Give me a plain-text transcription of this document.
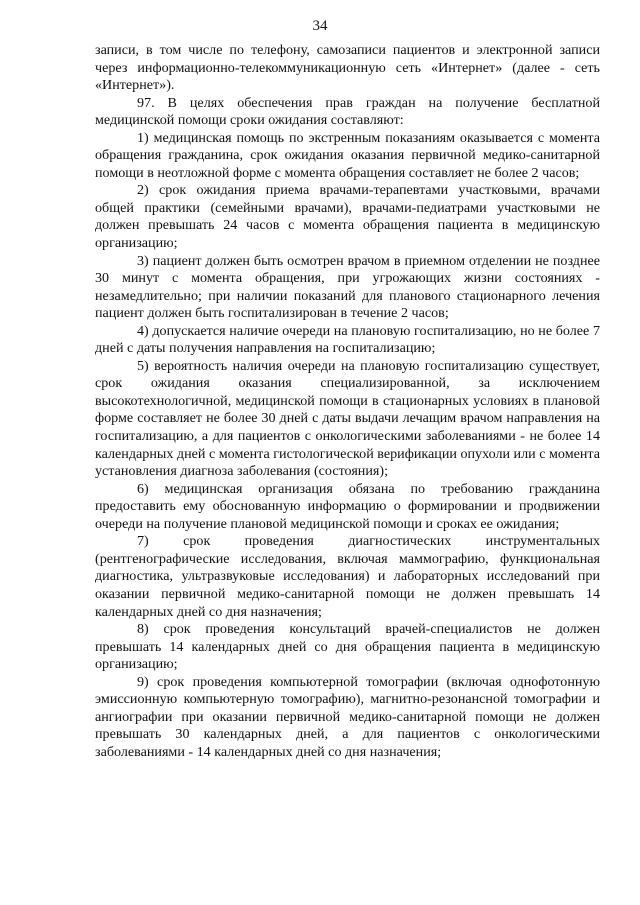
34

записи, в том числе по телефону, самозаписи пациентов и электронной записи через информационно-телекоммуникационную сеть «Интернет» (далее - сеть «Интернет»).

97. В целях обеспечения прав граждан на получение бесплатной медицинской помощи сроки ожидания составляют:

1) медицинская помощь по экстренным показаниям оказывается с момента обращения гражданина, срок ожидания оказания первичной медико-санитарной помощи в неотложной форме с момента обращения составляет не более 2 часов;

2) срок ожидания приема врачами-терапевтами участковыми, врачами общей практики (семейными врачами), врачами-педиатрами участковыми не должен превышать 24 часов с момента обращения пациента в медицинскую организацию;

3) пациент должен быть осмотрен врачом в приемном отделении не позднее 30 минут с момента обращения, при угрожающих жизни состояниях - незамедлительно; при наличии показаний для планового стационарного лечения пациент должен быть госпитализирован в течение 2 часов;

4) допускается наличие очереди на плановую госпитализацию, но не более 7 дней с даты получения направления на госпитализацию;

5) вероятность наличия очереди на плановую госпитализацию существует, срок ожидания оказания специализированной, за исключением высокотехнологичной, медицинской помощи в стационарных условиях в плановой форме составляет не более 30 дней с даты выдачи лечащим врачом направления на госпитализацию, а для пациентов с онкологическими заболеваниями - не более 14 календарных дней с момента гистологической верификации опухоли или с момента установления диагноза заболевания (состояния);

6) медицинская организация обязана по требованию гражданина предоставить ему обоснованную информацию о формировании и продвижении очереди на получение плановой медицинской помощи и сроках ее ожидания;

7) срок проведения диагностических инструментальных (рентгенографические исследования, включая маммографию, функциональная диагностика, ультразвуковые исследования) и лабораторных исследований при оказании первичной медико-санитарной помощи не должен превышать 14 календарных дней со дня назначения;

8) срок проведения консультаций врачей-специалистов не должен превышать 14 календарных дней со дня обращения пациента в медицинскую организацию;

9) срок проведения компьютерной томографии (включая однофотонную эмиссионную компьютерную томографию), магнитно-резонансной томографии и ангиографии при оказании первичной медико-санитарной помощи не должен превышать 30 календарных дней, а для пациентов с онкологическими заболеваниями - 14 календарных дней со дня назначения;
